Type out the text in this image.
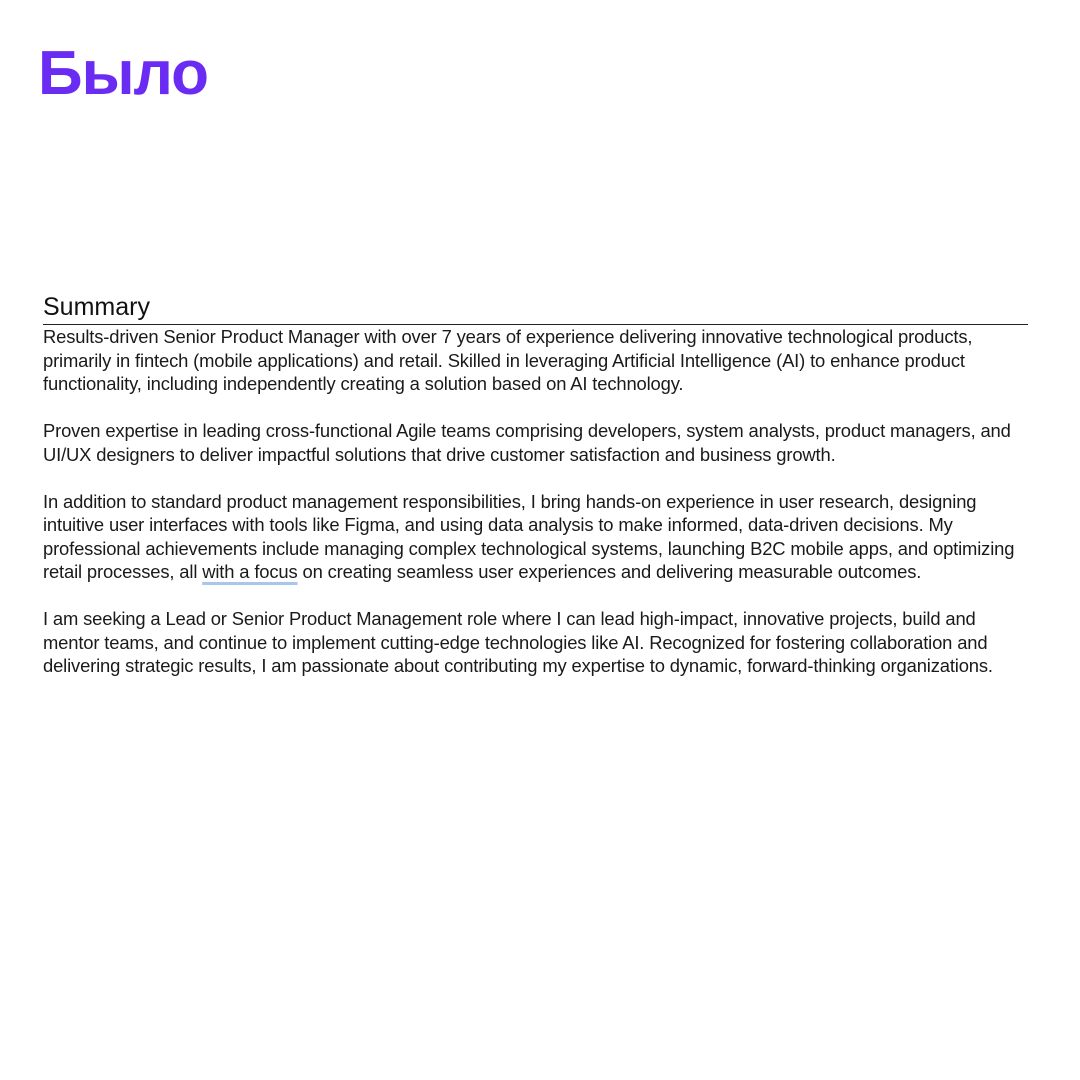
Было
Summary

Results-driven Senior Product Manager with over 7 years of experience delivering innovative technological products, primarily in fintech (mobile applications) and retail. Skilled in leveraging Artificial Intelligence (AI) to enhance product functionality, including independently creating a solution based on AI technology.

Proven expertise in leading cross-functional Agile teams comprising developers, system analysts, product managers, and UI/UX designers to deliver impactful solutions that drive customer satisfaction and business growth.

In addition to standard product management responsibilities, I bring hands-on experience in user research, designing intuitive user interfaces with tools like Figma, and using data analysis to make informed, data-driven decisions. My professional achievements include managing complex technological systems, launching B2C mobile apps, and optimizing retail processes, all with a focus on creating seamless user experiences and delivering measurable outcomes.

I am seeking a Lead or Senior Product Management role where I can lead high-impact, innovative projects, build and mentor teams, and continue to implement cutting-edge technologies like AI. Recognized for fostering collaboration and delivering strategic results, I am passionate about contributing my expertise to dynamic, forward-thinking organizations.
